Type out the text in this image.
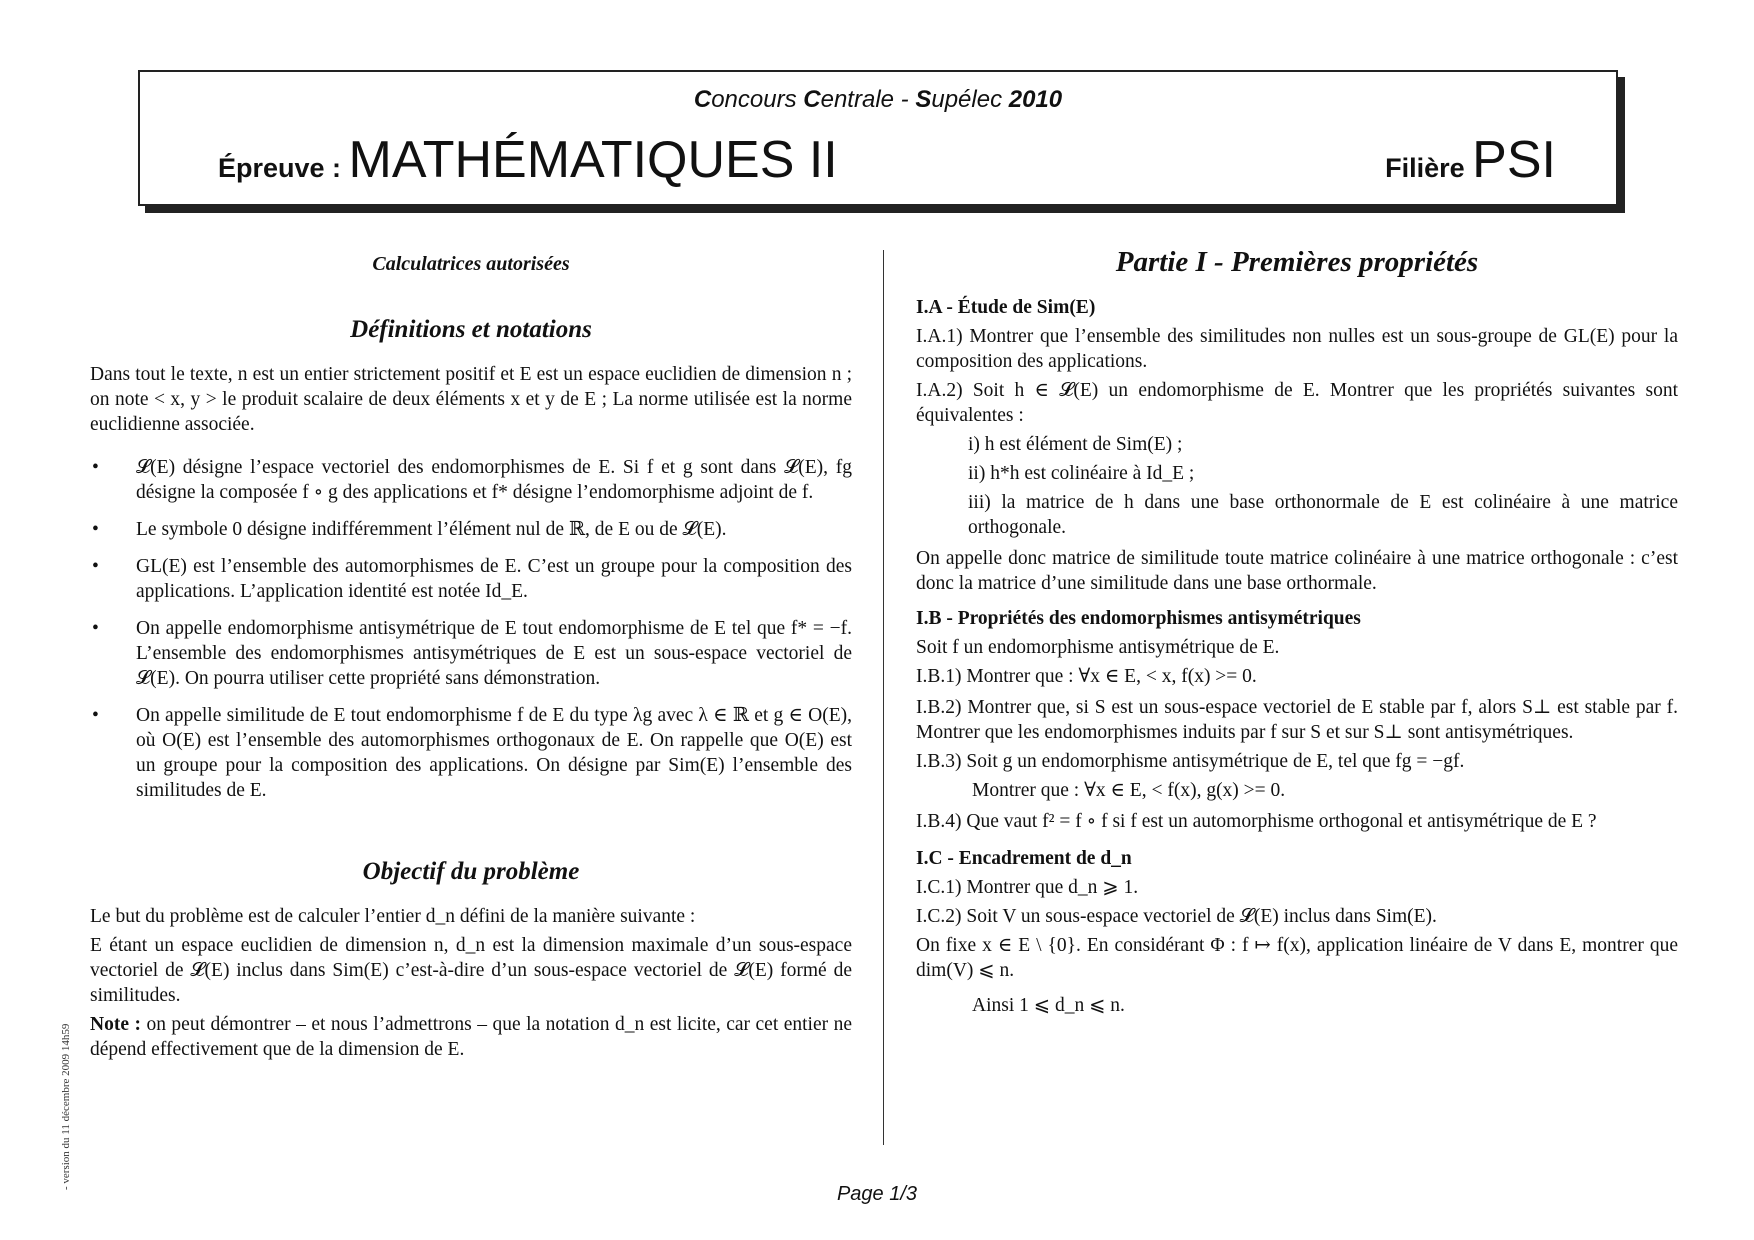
Concours Centrale - Supélec 2010
Épreuve : MATHÉMATIQUES II	Filière PSI

Calculatrices autorisées

Définitions et notations

Dans tout le texte, n est un entier strictement positif et E est un espace euclidien de dimension n ; on note < x, y > le produit scalaire de deux éléments x et y de E ; La norme utilisée est la norme euclidienne associée.

• 𝓛(E) désigne l’espace vectoriel des endomorphismes de E. Si f et g sont dans 𝓛(E), fg désigne la composée f ∘ g des applications et f* désigne l’endomorphisme adjoint de f.

• Le symbole 0 désigne indifféremment l’élément nul de ℝ, de E ou de 𝓛(E).

• GL(E) est l’ensemble des automorphismes de E. C’est un groupe pour la composition des applications. L’application identité est notée Id_E.

• On appelle endomorphisme antisymétrique de E tout endomorphisme de E tel que f* = −f. L’ensemble des endomorphismes antisymétriques de E est un sous-espace vectoriel de 𝓛(E). On pourra utiliser cette propriété sans démonstration.

• On appelle similitude de E tout endomorphisme f de E du type λg avec λ ∈ ℝ et g ∈ O(E), où O(E) est l’ensemble des automorphismes orthogonaux de E. On rappelle que O(E) est un groupe pour la composition des applications. On désigne par Sim(E) l’ensemble des similitudes de E.

Objectif du problème

Le but du problème est de calculer l’entier d_n défini de la manière suivante :

E étant un espace euclidien de dimension n, d_n est la dimension maximale d’un sous-espace vectoriel de 𝓛(E) inclus dans Sim(E) c’est-à-dire d’un sous-espace vectoriel de 𝓛(E) formé de similitudes.

Note : on peut démontrer – et nous l’admettrons – que la notation d_n est licite, car cet entier ne dépend effectivement que de la dimension de E.

Partie I - Premières propriétés

I.A - Étude de Sim(E)

I.A.1) Montrer que l’ensemble des similitudes non nulles est un sous-groupe de GL(E) pour la composition des applications.

I.A.2) Soit h ∈ 𝓛(E) un endomorphisme de E. Montrer que les propriétés suivantes sont équivalentes :

i) h est élément de Sim(E) ;

ii) h*h est colinéaire à Id_E ;

iii) la matrice de h dans une base orthonormale de E est colinéaire à une matrice orthogonale.

On appelle donc matrice de similitude toute matrice colinéaire à une matrice orthogonale : c’est donc la matrice d’une similitude dans une base orthormale.

I.B - Propriétés des endomorphismes antisymétriques

Soit f un endomorphisme antisymétrique de E.

I.B.1) Montrer que : ∀x ∈ E, < x, f(x) >= 0.

I.B.2) Montrer que, si S est un sous-espace vectoriel de E stable par f, alors S⊥ est stable par f. Montrer que les endomorphismes induits par f sur S et sur S⊥ sont antisymétriques.

I.B.3) Soit g un endomorphisme antisymétrique de E, tel que fg = −gf.

Montrer que : ∀x ∈ E, < f(x), g(x) >= 0.

I.B.4) Que vaut f² = f ∘ f si f est un automorphisme orthogonal et antisymétrique de E ?

I.C - Encadrement de d_n

I.C.1) Montrer que d_n ⩾ 1.

I.C.2) Soit V un sous-espace vectoriel de 𝓛(E) inclus dans Sim(E).

On fixe x ∈ E \ {0}. En considérant Φ : f ↦ f(x), application linéaire de V dans E, montrer que dim(V) ⩽ n.

Ainsi 1 ⩽ d_n ⩽ n.

- version du 11 décembre 2009 14h59
Page 1/3
